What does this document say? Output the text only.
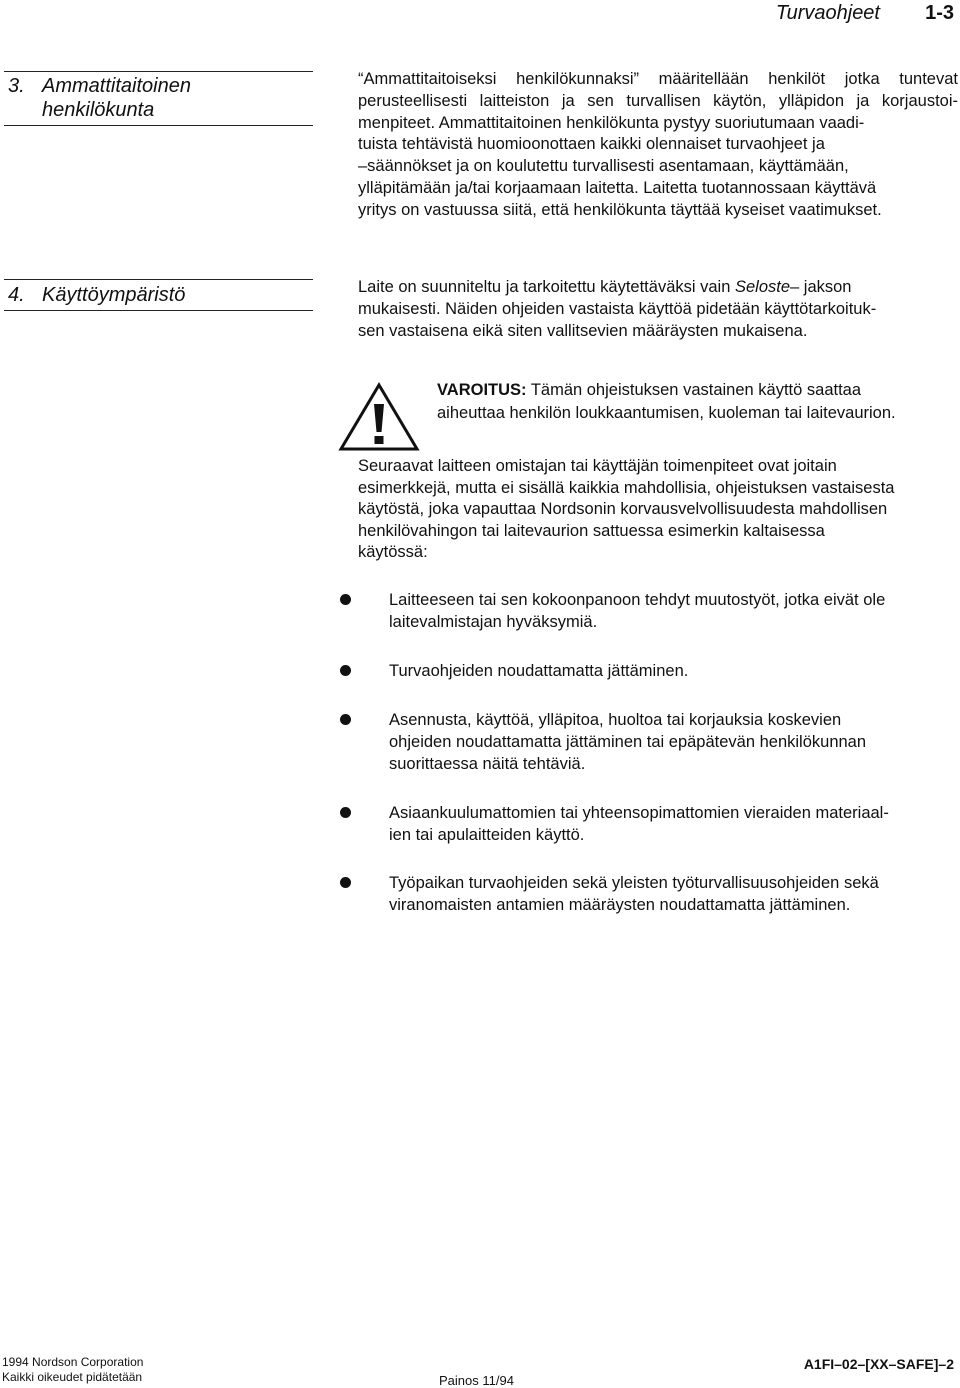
Turvaohjeet 1-3
3. Ammattitaitoinen
henkilökunta

“Ammattitaitoiseksi henkilökunnaksi” määritellään henkilöt jotka tuntevat
perusteellisesti laitteiston ja sen turvallisen käytön, ylläpidon ja korjaustoi-
menpiteet. Ammattitaitoinen henkilökunta pystyy suoriutumaan vaadi-
tuista tehtävistä huomioonottaen kaikki olennaiset turvaohjeet ja
–säännökset ja on koulutettu turvallisesti asentamaan, käyttämään,
ylläpitämään ja/tai korjaamaan laitetta. Laitetta tuotannossaan käyttävä
yritys on vastuussa siitä, että henkilökunta täyttää kyseiset vaatimukset.

4. Käyttöympäristö	Laite on suunniteltu ja tarkoitettu käytettäväksi vain Seloste– jakson
mukaisesti. Näiden ohjeiden vastaista käyttöä pidetään käyttötarkoituk-
sen vastaisena eikä siten vallitsevien määräysten mukaisena.

VAROITUS: Tämän ohjeistuksen vastainen käyttö saattaa
aiheuttaa henkilön loukkaantumisen, kuoleman tai laitevaurion.

Seuraavat laitteen omistajan tai käyttäjän toimenpiteet ovat joitain
esimerkkejä, mutta ei sisällä kaikkia mahdollisia, ohjeistuksen vastaisesta
käytöstä, joka vapauttaa Nordsonin korvausvelvollisuudesta mahdollisen
henkilövahingon tai laitevaurion sattuessa esimerkin kaltaisessa
käytössä:

Laitteeseen tai sen kokoonpanoon tehdyt muutostyöt, jotka eivät ole
laitevalmistajan hyväksymiä.
Turvaohjeiden noudattamatta jättäminen.
Asennusta, käyttöä, ylläpitoa, huoltoa tai korjauksia koskevien
ohjeiden noudattamatta jättäminen tai epäpätevän henkilökunnan
suorittaessa näitä tehtäviä.
Asiaankuulumattomien tai yhteensopimattomien vieraiden materiaal-
ien tai apulaitteiden käyttö.
Työpaikan turvaohjeiden sekä yleisten työturvallisuusohjeiden sekä
viranomaisten antamien määräysten noudattamatta jättäminen.
1994 Nordson Corporation
Kaikki oikeudet pidätetään	Painos 11/94
A1FI–02–[XX–SAFE]–2
